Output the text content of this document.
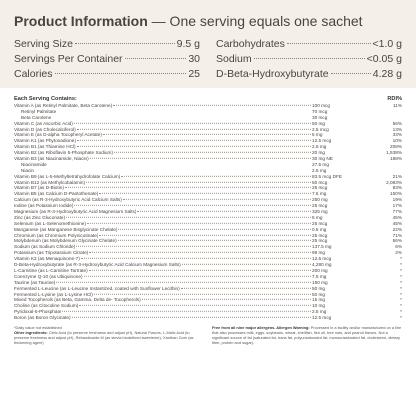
Product Information — One serving equals one sachet
Serving Size	9.5 g
Servings Per Container	30
Calories	25
Carbohydrates	<1.0 g
Sodium	<0.05 g
D-Beta-Hydroxybutyrate	4.28 g
Each Serving Contains:	RDI%
Vitamin A (as Retinyl Palmitate, Beta Carotene)	100 mcg	11%
Retinyl Palmitate	70 mcg
Beta Carotene	30 mcg
Vitamin C (as Ascorbic Acid)	50 mg	56%
Vitamin D (as Cholecalciferol)	2.5 mcg	13%
Vitamin E (as D-alpha Tocopheryl Acetate)	5 mg	33%
Vitamin K1 (as Phytonadione)	12.5 mcg	10%
Vitamin B1 (as Thiamine HCl)	2.5 mg	208%
Vitamin B2 (as Riboflavin 5-Phosphate Sodium)	20 mg	1,538%
Vitamin B3 (as Niacinamide, Niacin)	30 mg NE	188%
Niacinamide	27.5 mg
Niacin	2.5 mg
Vitamin B9 (as L-5-Methyltetrahydrofolate Calcium)	83.5 mcg DFE	21%
Vitamin B12 (as Methylcobalamin)	50 mcg	2,083%
Vitamin B7 (as D-Biotin)	25 mcg	83%
Vitamin B5 (as Calcium D-Pantothenate)	7.5 mg	150%
Calcium (as R-3-Hydroxybutyric Acid Calcium Salts)	250 mg	19%
Iodine (as Potassium Iodide)	25 mcg	17%
Magnesium (as R-3-Hydroxybutyric Acid Magnesium Salts)	325 mg	77%
Zinc (as Zinc Gluconate)	5 mg	45%
Selenium (as L-Selenomethionine)	25 mcg	45%
Manganese (as Manganese Bisglycinate Chelate)	0.5 mg	22%
Chromium (as Chromium Polynicotinate)	25 mcg	71%
Molybdenum (as Molybdenum Glycinate Chelate)	25 mcg	56%
Sodium (as Sodium Chloride)	137.5 mg	6%
Potassium (as Tripotassium Citrate)	99 mg	2%
Vitamin K2 (as Menaquinone-7)	12.5 mcg	*
D-Beta-Hydroxybutyrate (as R-3-Hydroxybutyric Acid Calcium Magnesium Salts)	4,280 mg	*
L-Carnitine (as L-Carnitine Tartrate)	200 mg	*
Coenzyme Q-10 (as Ubiquinone)	7.5 mg	*
Taurine (as Taurine)	150 mg	*
Fermented L-Leucine (as L-Leucine Instantized, coated with Sunflower Lecithin)	50 mg	*
Fermented L-Lysine (as L-Lysine HCl)	50 mg	*
Mixed Tocopherols (as Beta, Gamma, Delta de- Tocopherols)	15 mg	*
Choline (as Citocoline Sodium)	10 mg	*
Pyridoxal-5-Phosphate	2.5 mg	*
Boron (as Boron Glycinate)	12.5 mcg	*
*Daily value not established
Other ingredients: Citric Acid (to preserve freshness and adjust pH), Natural Flavors, L-Malic Acid (to preserve freshness and adjust pH), Rebaudioside M (as stevia biodefined sweetener), Xanthan Gum (as thickening agent)
Free from all nine major allergens. Allergen Warning: Processed in a facility and/or manufactured on a line that also processes milk, eggs, soybeans, wheat, shellfish, fish oil, tree nuts, and peanut flavors. Not a significant source of fat (saturated fat, trans fat, polyunsaturated fat, monounsaturated fat, cholesterol, dietary fiber, protein and sugar).
